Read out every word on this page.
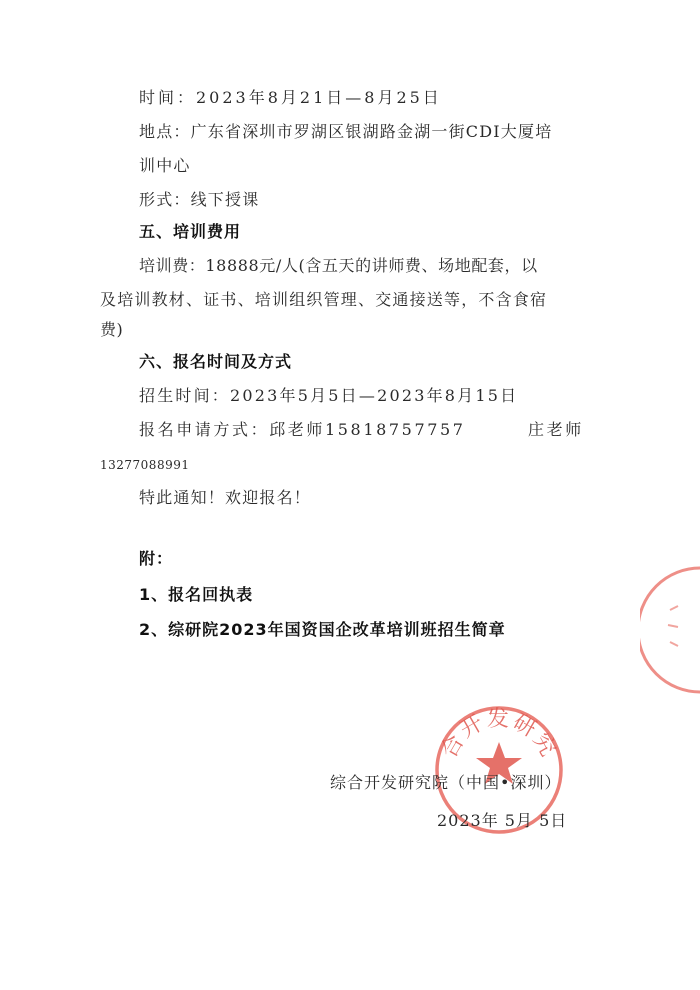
时间：2023年8月21日—8月25日
地点：广东省深圳市罗湖区银湖路金湖一街CDI大厦培
训中心
形式：线下授课
五、培训费用
培训费：18888元/人(含五天的讲师费、场地配套，以
及培训教材、证书、培训组织管理、交通接送等，不含食宿
费)
六、报名时间及方式
招生时间：2023年5月5日—2023年8月15日
报名申请方式：邱老师15818757757	庄老师
13277088991
特此通知！欢迎报名！
附：
1、报名回执表
2、综研院2023年国资国企改革培训班招生简章
合开发研究
综合开发研究院（中国•深圳）
2023年 5月 5日
